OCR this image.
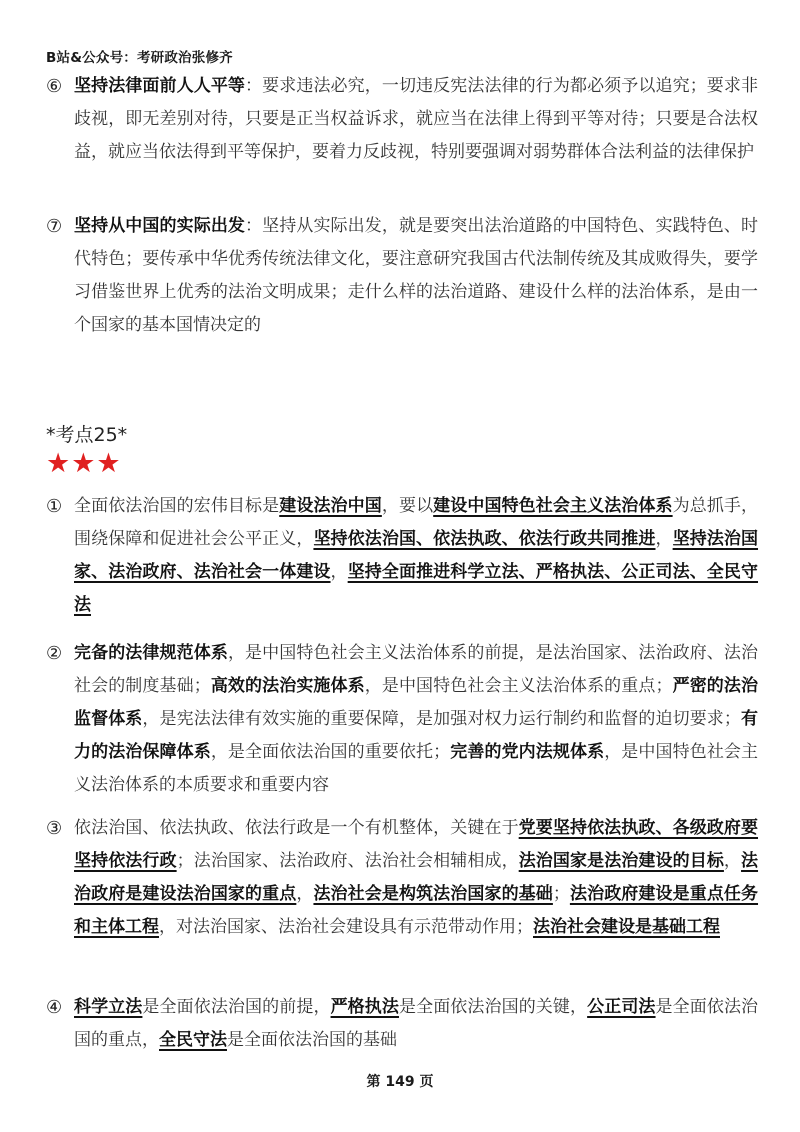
B站&公众号：考研政治张修齐
⑥ 坚持法律面前人人平等：要求违法必究，一切违反宪法法律的行为都必须予以追究；要求非歧视，即无差别对待，只要是正当权益诉求，就应当在法律上得到平等对待；只要是合法权益，就应当依法得到平等保护，要着力反歧视，特别要强调对弱势群体合法利益的法律保护
⑦ 坚持从中国的实际出发：坚持从实际出发，就是要突出法治道路的中国特色、实践特色、时代特色；要传承中华优秀传统法律文化，要注意研究我国古代法制传统及其成败得失，要学习借鉴世界上优秀的法治文明成果；走什么样的法治道路、建设什么样的法治体系，是由一个国家的基本国情决定的
*考点25*
★★★
① 全面依法治国的宏伟目标是建设法治中国，要以建设中国特色社会主义法治体系为总抓手，围绕保障和促进社会公平正义，坚持依法治国、依法执政、依法行政共同推进，坚持法治国家、法治政府、法治社会一体建设，坚持全面推进科学立法、严格执法、公正司法、全民守法
② 完备的法律规范体系，是中国特色社会主义法治体系的前提，是法治国家、法治政府、法治社会的制度基础；高效的法治实施体系，是中国特色社会主义法治体系的重点；严密的法治监督体系，是宪法法律有效实施的重要保障，是加强对权力运行制约和监督的迫切要求；有力的法治保障体系，是全面依法治国的重要依托；完善的党内法规体系，是中国特色社会主义法治体系的本质要求和重要内容
③ 依法治国、依法执政、依法行政是一个有机整体，关键在于党要坚持依法执政、各级政府要坚持依法行政；法治国家、法治政府、法治社会相辅相成，法治国家是法治建设的目标，法治政府是建设法治国家的重点，法治社会是构筑法治国家的基础；法治政府建设是重点任务和主体工程，对法治国家、法治社会建设具有示范带动作用；法治社会建设是基础工程
④ 科学立法是全面依法治国的前提，严格执法是全面依法治国的关键，公正司法是全面依法治国的重点，全民守法是全面依法治国的基础
第 149 页
